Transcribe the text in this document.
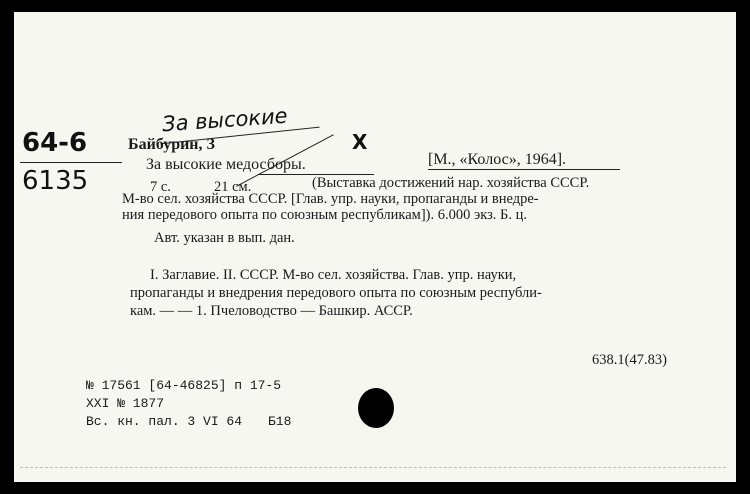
За высокие
64-6
6135
X
Байбурин, З
За высокие медосборы.	[М., «Колос», 1964].
7 с.	21 см.	(Выставка достижений нар. хозяйства СССР.
М-во сел. хозяйства СССР. [Глав. упр. науки, пропаганды и внедре-
ния передового опыта по союзным республикам]). 6.000 экз. Б. ц.
Авт. указан в вып. дан.
I. Заглавие. II. СССР. М-во сел. хозяйства. Глав. упр. науки,
пропаганды и внедрения передового опыта по союзным республи-
кам. — — 1. Пчеловодство — Башкир. АССР.
638.1(47.83)
№ 17561 [64-46825] п 17-5
XXI № 1877
Вс. кн. пал. 3 VI 64 Б18
